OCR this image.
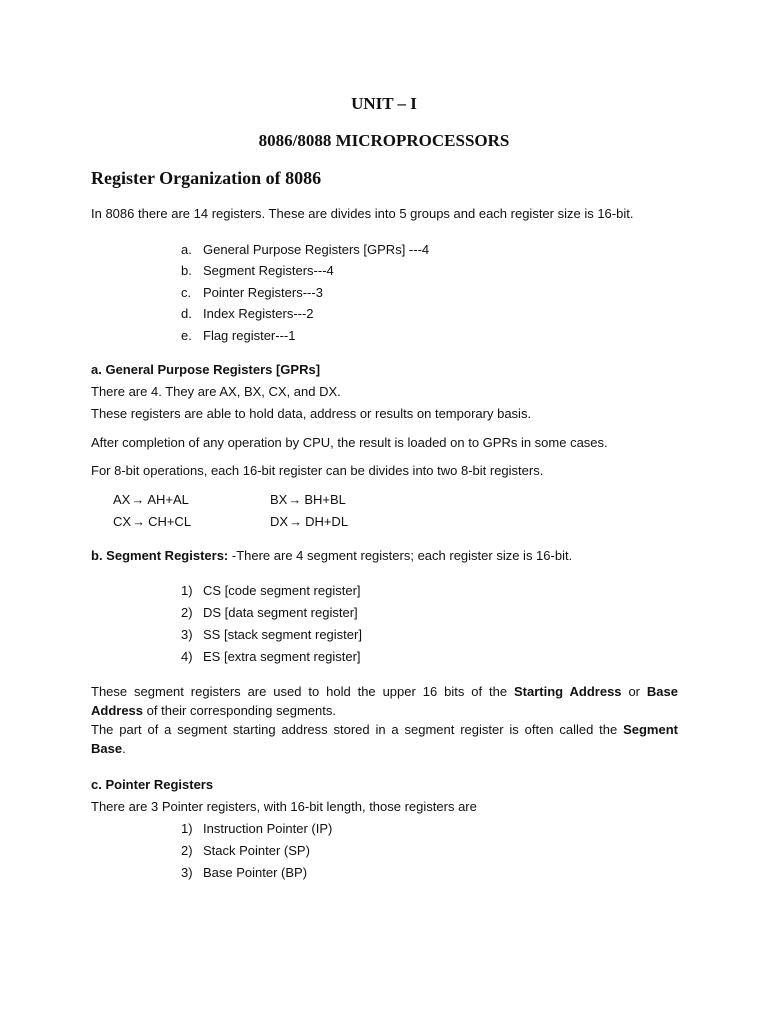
UNIT – I
8086/8088 MICROPROCESSORS
Register Organization of 8086
In 8086 there are 14 registers. These are divides into 5 groups and each register size is 16-bit.
a. General Purpose Registers [GPRs] ---4
b. Segment Registers---4
c. Pointer Registers---3
d. Index Registers---2
e. Flag register---1
a. General Purpose Registers [GPRs]
There are 4. They are AX, BX, CX, and DX.
These registers are able to hold data, address or results on temporary basis.
After completion of any operation by CPU, the result is loaded on to GPRs in some cases.
For 8-bit operations, each 16-bit register can be divides into two 8-bit registers.
AX→ AH+AL	BX→ BH+BL
CX→ CH+CL	DX→ DH+DL
b. Segment Registers: -There are 4 segment registers; each register size is 16-bit.
1) CS [code segment register]
2) DS [data segment register]
3) SS [stack segment register]
4) ES [extra segment register]
These segment registers are used to hold the upper 16 bits of the Starting Address or Base
Address of their corresponding segments.
The part of a segment starting address stored in a segment register is often called the Segment
Base.
c. Pointer Registers
There are 3 Pointer registers, with 16-bit length, those registers are
1) Instruction Pointer (IP)
2) Stack Pointer (SP)
3) Base Pointer (BP)
